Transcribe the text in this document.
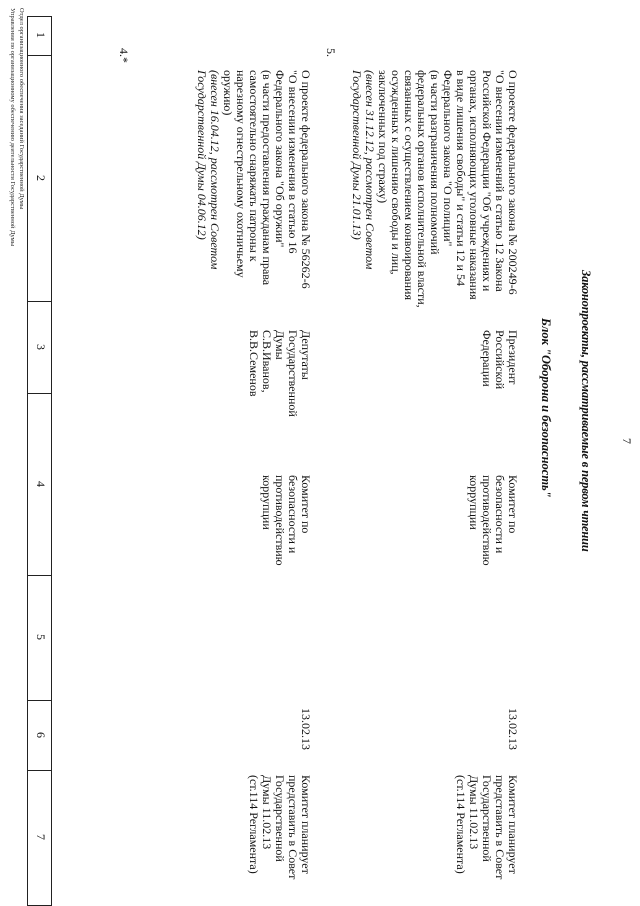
7
1
2
3
4
5
6
7
Законопроекты, рассматриваемые в первом чтении
Блок "Оборона и безопасность"
4.*
О проекте федерального закона № 200249-6
"О внесении изменений в статью 12 Закона
Российской Федерации "Об учреждениях и
органах, исполняющих уголовные наказания
в виде лишения свободы" и статьи 12 и 54
Федерального закона "О полиции"
(в части разграничения полномочий
федеральных органов исполнительной власти,
связанных с осуществлением конвоирования
осужденных к лишению свободы и лиц,
заключенных под стражу)
(внесен 31.12.12, рассмотрен Советом
Государственной Думы 21.01.13)
Президент
Российской
Федерации
Комитет по
безопасности и
противодействию
коррупции
13.02.13
Комитет планирует
представить в Совет
Государственной
Думы 11.02.13
(ст.114 Регламента)
5.
О проекте федерального закона № 56262-6
"О внесении изменения в статью 16
Федерального закона "Об оружии"
(в части предоставления гражданам права
самостоятельно снаряжать патроны к
нарезному огнестрельному охотничьему
оружию)
(внесен 16.04.12, рассмотрен Советом
Государственной Думы 04.06.12)
Депутаты
Государственной
Думы
С.В.Иванов,
В.В.Семенов
Комитет по
безопасности и
противодействию
коррупции
13.02.13
Комитет планирует
представить в Совет
Государственной
Думы 11.02.13
(ст.114 Регламента)
Отдел организационного обеспечения заседаний Государственной Думы
Управления по организационному обеспечению деятельности Государственной Думы
